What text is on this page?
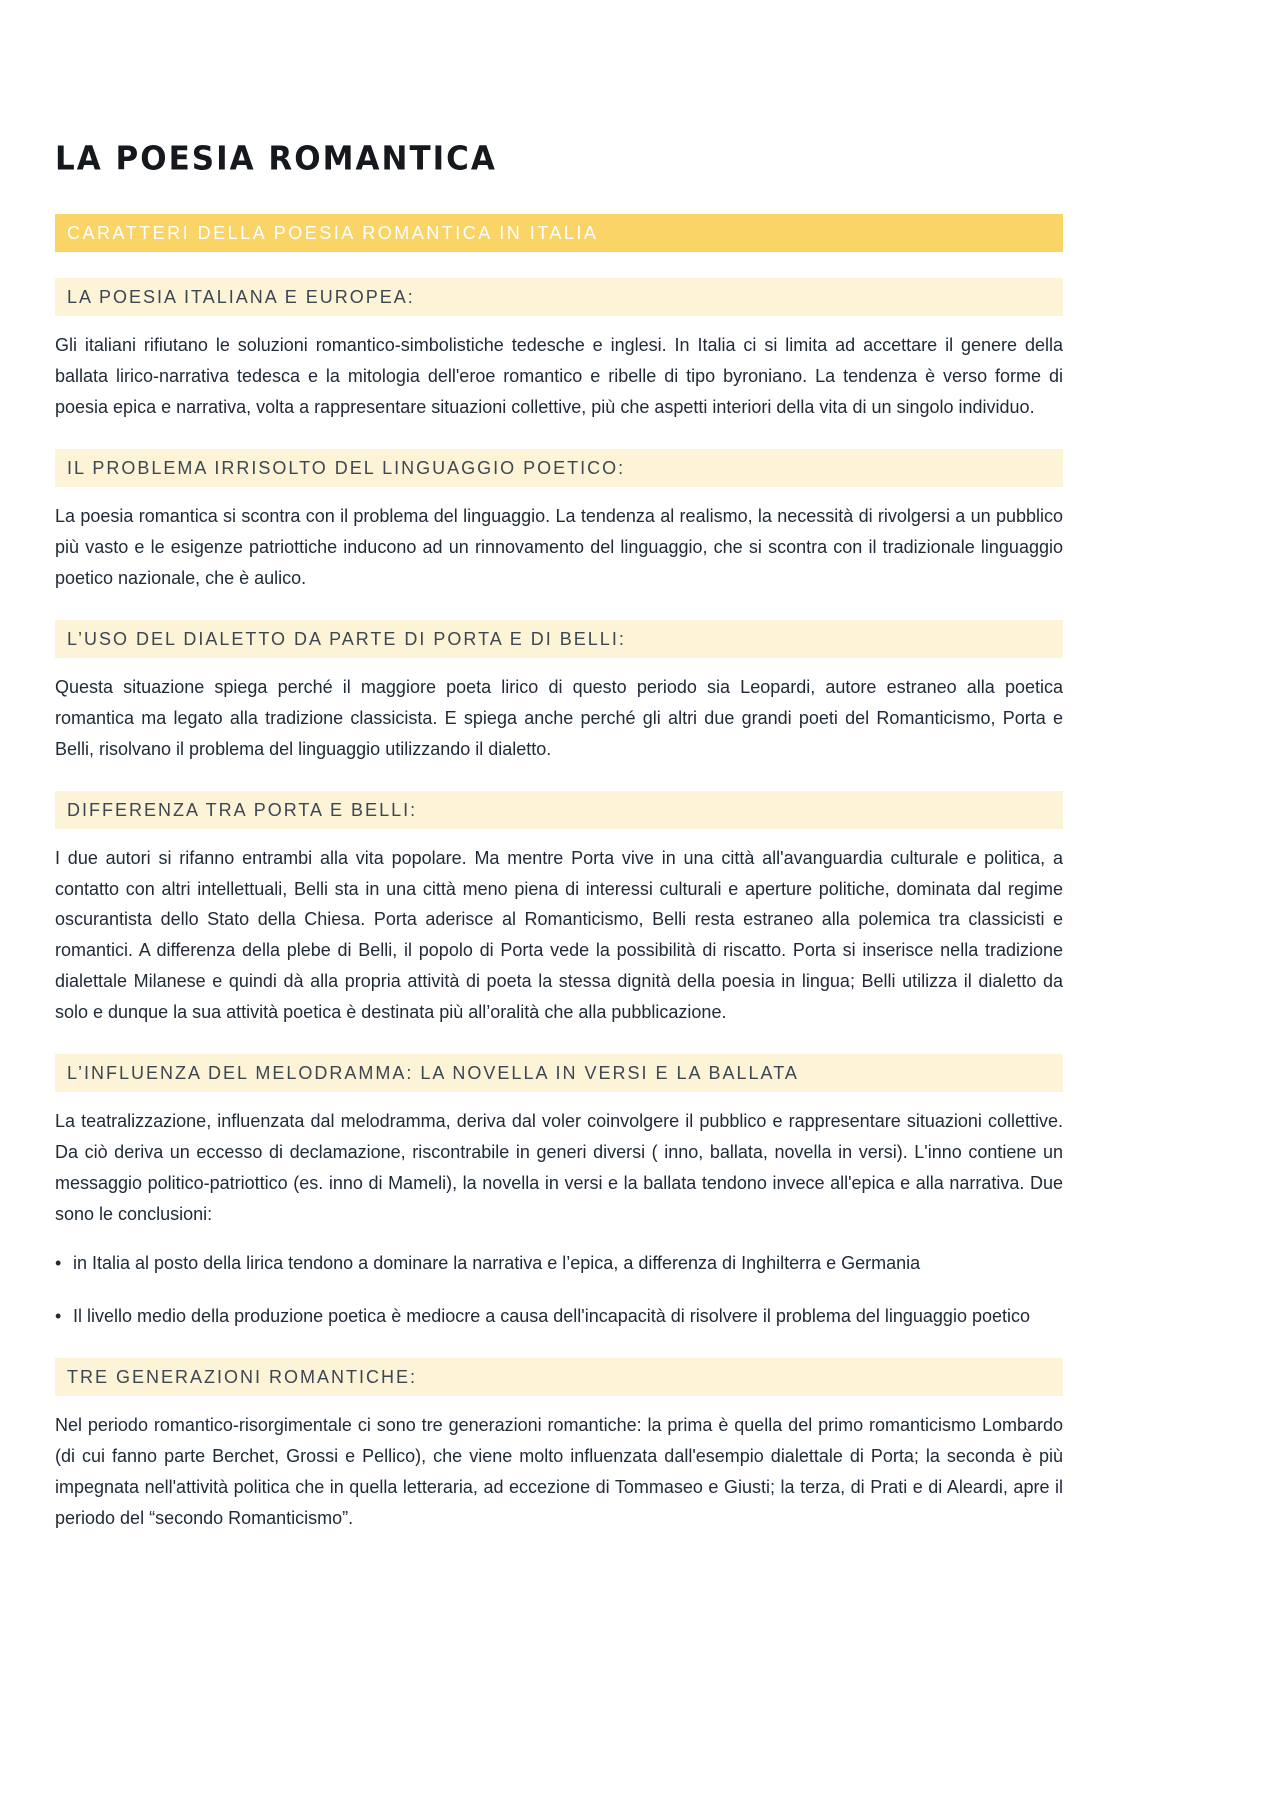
LA POESIA ROMANTICA
CARATTERI DELLA POESIA ROMANTICA IN ITALIA
LA POESIA ITALIANA E EUROPEA:

Gli italiani rifiutano le soluzioni romantico-simbolistiche tedesche e inglesi. In Italia ci si limita ad accettare il genere della ballata lirico-narrativa tedesca e la mitologia dell'eroe romantico e ribelle di tipo byroniano. La tendenza è verso forme di poesia epica e narrativa, volta a rappresentare situazioni collettive, più che aspetti interiori della vita di un singolo individuo.

IL PROBLEMA IRRISOLTO DEL LINGUAGGIO POETICO:

La poesia romantica si scontra con il problema del linguaggio. La tendenza al realismo, la necessità di rivolgersi a un pubblico più vasto e le esigenze patriottiche inducono ad un rinnovamento del linguaggio, che si scontra con il tradizionale linguaggio poetico nazionale, che è aulico.

L’USO DEL DIALETTO DA PARTE DI PORTA E DI BELLI:

Questa situazione spiega perché il maggiore poeta lirico di questo periodo sia Leopardi, autore estraneo alla poetica romantica ma legato alla tradizione classicista. E spiega anche perché gli altri due grandi poeti del Romanticismo, Porta e Belli, risolvano il problema del linguaggio utilizzando il dialetto.

DIFFERENZA TRA PORTA E BELLI:

I due autori si rifanno entrambi alla vita popolare. Ma mentre Porta vive in una città all'avanguardia culturale e politica, a contatto con altri intellettuali, Belli sta in una città meno piena di interessi culturali e aperture politiche, dominata dal regime oscurantista dello Stato della Chiesa. Porta aderisce al Romanticismo, Belli resta estraneo alla polemica tra classicisti e romantici. A differenza della plebe di Belli, il popolo di Porta vede la possibilità di riscatto. Porta si inserisce nella tradizione dialettale Milanese e quindi dà alla propria attività di poeta la stessa dignità della poesia in lingua; Belli utilizza il dialetto da solo e dunque la sua attività poetica è destinata più all’oralità che alla pubblicazione.

L’INFLUENZA DEL MELODRAMMA: LA NOVELLA IN VERSI E LA BALLATA

La teatralizzazione, influenzata dal melodramma, deriva dal voler coinvolgere il pubblico e rappresentare situazioni collettive. Da ciò deriva un eccesso di declamazione, riscontrabile in generi diversi ( inno, ballata, novella in versi). L'inno contiene un messaggio politico-patriottico (es. inno di Mameli), la novella in versi e la ballata tendono invece all'epica e alla narrativa. Due sono le conclusioni:

• in Italia al posto della lirica tendono a dominare la narrativa e l’epica, a differenza di Inghilterra e Germania
• Il livello medio della produzione poetica è mediocre a causa dell'incapacità di risolvere il problema del linguaggio poetico
TRE GENERAZIONI ROMANTICHE:

Nel periodo romantico-risorgimentale ci sono tre generazioni romantiche: la prima è quella del primo romanticismo Lombardo (di cui fanno parte Berchet, Grossi e Pellico), che viene molto influenzata dall'esempio dialettale di Porta; la seconda è più impegnata nell'attività politica che in quella letteraria, ad eccezione di Tommaseo e Giusti; la terza, di Prati e di Aleardi, apre il periodo del “secondo Romanticismo”.
